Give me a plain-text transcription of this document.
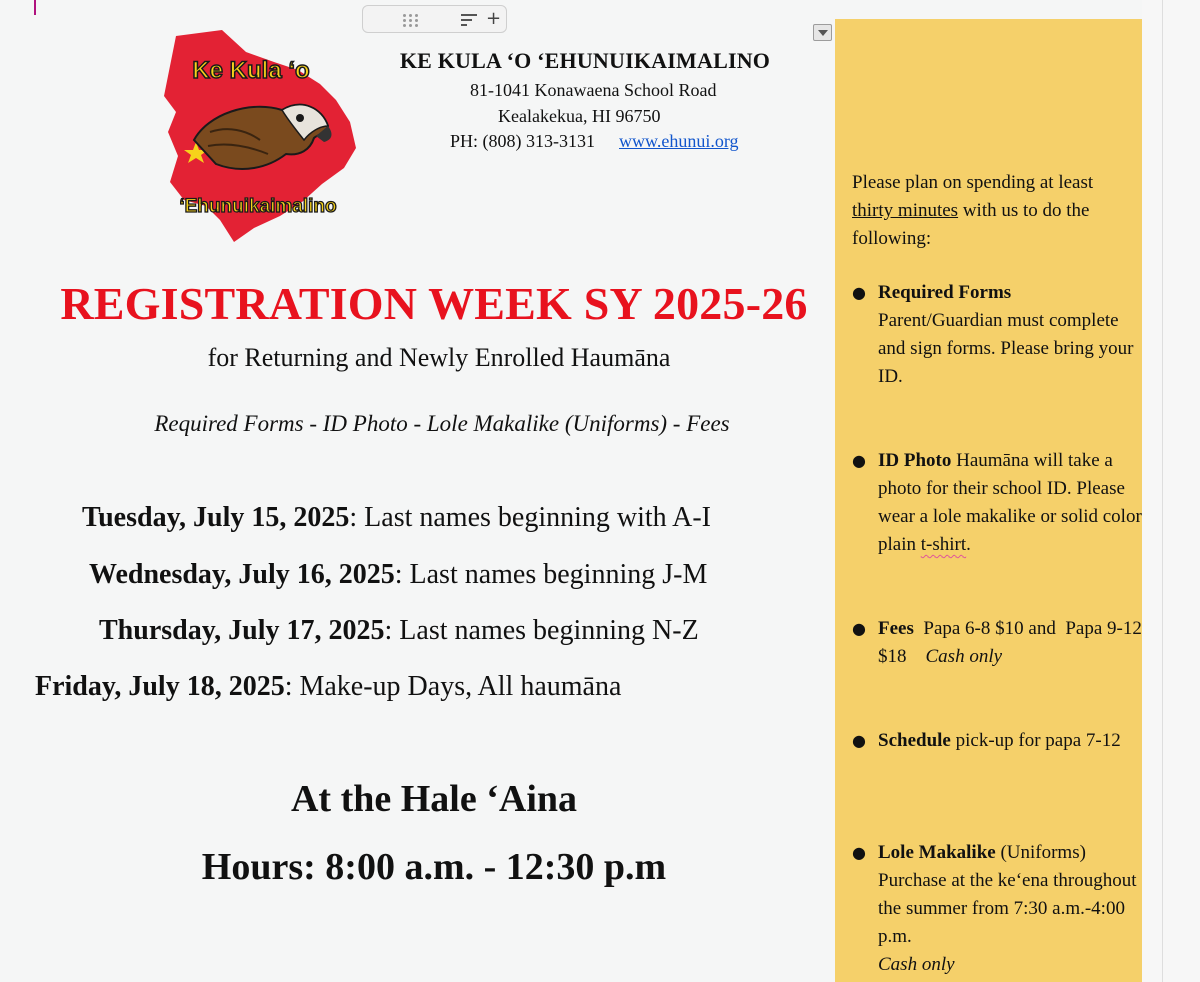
+
Ke Kula ‘o
‘Ehunuikaimalino
KE KULA ‘O ‘EHUNUIKAIMALINO
81-1041 Konawaena School Road
Kealakekua, HI 96750
PH: (808) 313-3131 www.ehunui.org
REGISTRATION WEEK SY 2025-26
for Returning and Newly Enrolled Haumāna
Required Forms - ID Photo - Lole Makalike (Uniforms) - Fees
Tuesday, July 15, 2025: Last names beginning with A-I
Wednesday, July 16, 2025: Last names beginning J-M
Thursday, July 17, 2025: Last names beginning N-Z
Friday, July 18, 2025: Make-up Days, All haumāna
At the Hale ‘Aina
Hours: 8:00 a.m. - 12:30 p.m
Please plan on spending at least thirty minutes with us to do the following:
● Required Forms
Parent/Guardian must complete and sign forms. Please bring your ID.
● ID Photo Haumāna will take a photo for their school ID. Please wear a lole makalike or solid color plain t-shirt.
● Fees  Papa 6-8 $10 and  Papa 9-12 $18    Cash only
● Schedule pick-up for papa 7-12
● Lole Makalike (Uniforms) Purchase at the ke‘ena throughout the summer from 7:30 a.m.-4:00 p.m.
Cash only
